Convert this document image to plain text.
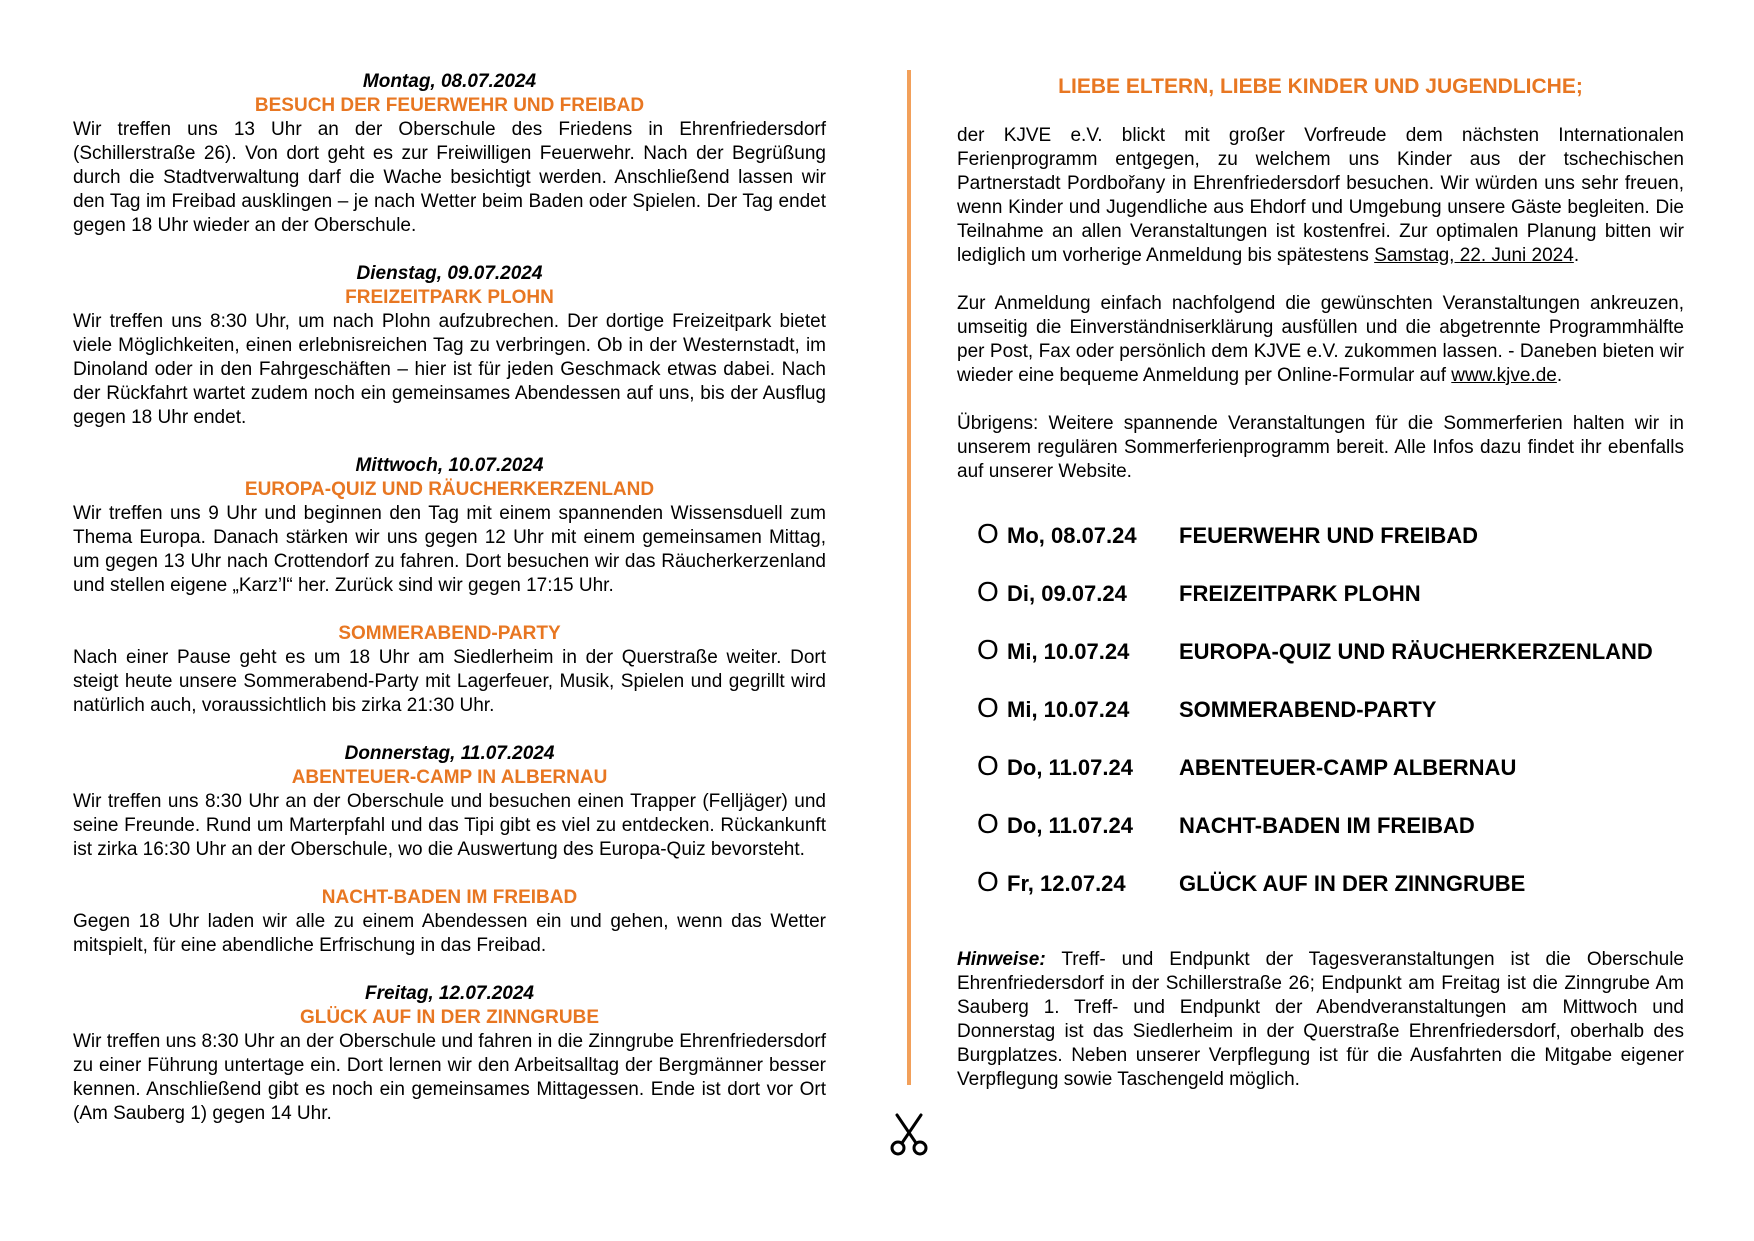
Montag, 08.07.2024
BESUCH DER FEUERWEHR UND FREIBAD
Wir treffen uns 13 Uhr an der Oberschule des Friedens in Ehrenfriedersdorf (Schillerstraße 26). Von dort geht es zur Freiwilligen Feuerwehr. Nach der Begrüßung durch die Stadtverwaltung darf die Wache besichtigt werden. Anschließend lassen wir den Tag im Freibad ausklingen – je nach Wetter beim Baden oder Spielen. Der Tag endet gegen 18 Uhr wieder an der Oberschule.
Dienstag, 09.07.2024
FREIZEITPARK PLOHN
Wir treffen uns 8:30 Uhr, um nach Plohn aufzubrechen. Der dortige Freizeitpark bietet viele Möglichkeiten, einen erlebnisreichen Tag zu verbringen. Ob in der Westernstadt, im Dinoland oder in den Fahrgeschäften – hier ist für jeden Geschmack etwas dabei. Nach der Rückfahrt wartet zudem noch ein gemeinsames Abendessen auf uns, bis der Ausflug gegen 18 Uhr endet.
Mittwoch, 10.07.2024
EUROPA-QUIZ UND RÄUCHERKERZENLAND
Wir treffen uns 9 Uhr und beginnen den Tag mit einem spannenden Wissensduell zum Thema Europa. Danach stärken wir uns gegen 12 Uhr mit einem gemeinsamen Mittag, um gegen 13 Uhr nach Crottendorf zu fahren. Dort besuchen wir das Räucherkerzenland und stellen eigene „Karz’l“ her. Zurück sind wir gegen 17:15 Uhr.
SOMMERABEND-PARTY
Nach einer Pause geht es um 18 Uhr am Siedlerheim in der Querstraße weiter. Dort steigt heute unsere Sommerabend-Party mit Lagerfeuer, Musik, Spielen und gegrillt wird natürlich auch, voraussichtlich bis zirka 21:30 Uhr.
Donnerstag, 11.07.2024
ABENTEUER-CAMP IN ALBERNAU
Wir treffen uns 8:30 Uhr an der Oberschule und besuchen einen Trapper (Felljäger) und seine Freunde. Rund um Marterpfahl und das Tipi gibt es viel zu entdecken. Rückankunft ist zirka 16:30 Uhr an der Oberschule, wo die Auswertung des Europa-Quiz bevorsteht.
NACHT-BADEN IM FREIBAD
Gegen 18 Uhr laden wir alle zu einem Abendessen ein und gehen, wenn das Wetter mitspielt, für eine abendliche Erfrischung in das Freibad.
Freitag, 12.07.2024
GLÜCK AUF IN DER ZINNGRUBE
Wir treffen uns 8:30 Uhr an der Oberschule und fahren in die Zinngrube Ehrenfriedersdorf zu einer Führung untertage ein. Dort lernen wir den Arbeitsalltag der Bergmänner besser kennen. Anschließend gibt es noch ein gemeinsames Mittagessen. Ende ist dort vor Ort (Am Sauberg 1) gegen 14 Uhr.
LIEBE ELTERN, LIEBE KINDER UND JUGENDLICHE;
der KJVE e.V. blickt mit großer Vorfreude dem nächsten Internationalen Ferienprogramm entgegen, zu welchem uns Kinder aus der tschechischen Partnerstadt Pordbořany in Ehrenfriedersdorf besuchen. Wir würden uns sehr freuen, wenn Kinder und Jugendliche aus Ehdorf und Umgebung unsere Gäste begleiten. Die Teilnahme an allen Veranstaltungen ist kostenfrei. Zur optimalen Planung bitten wir lediglich um vorherige Anmeldung bis spätestens Samstag, 22. Juni 2024.
Zur Anmeldung einfach nachfolgend die gewünschten Veranstaltungen ankreuzen, umseitig die Einverständniserklärung ausfüllen und die abgetrennte Programmhälfte per Post, Fax oder persönlich dem KJVE e.V. zukommen lassen. - Daneben bieten wir wieder eine bequeme Anmeldung per Online-Formular auf www.kjve.de.
Übrigens: Weitere spannende Veranstaltungen für die Sommerferien halten wir in unserem regulären Sommerferienprogramm bereit. Alle Infos dazu findet ihr ebenfalls auf unserer Website.
O Mo, 08.07.24	FEUERWEHR UND FREIBAD
O Di, 09.07.24	FREIZEITPARK PLOHN
O Mi, 10.07.24	EUROPA-QUIZ UND RÄUCHERKERZENLAND
O Mi, 10.07.24	SOMMERABEND-PARTY
O Do, 11.07.24	ABENTEUER-CAMP ALBERNAU
O Do, 11.07.24	NACHT-BADEN IM FREIBAD
O Fr, 12.07.24	GLÜCK AUF IN DER ZINNGRUBE
Hinweise: Treff- und Endpunkt der Tagesveranstaltungen ist die Oberschule Ehrenfriedersdorf in der Schillerstraße 26; Endpunkt am Freitag ist die Zinngrube Am Sauberg 1. Treff- und Endpunkt der Abendveranstaltungen am Mittwoch und Donnerstag ist das Siedlerheim in der Querstraße Ehrenfriedersdorf, oberhalb des Burgplatzes. Neben unserer Verpflegung ist für die Ausfahrten die Mitgabe eigener Verpflegung sowie Taschengeld möglich.
